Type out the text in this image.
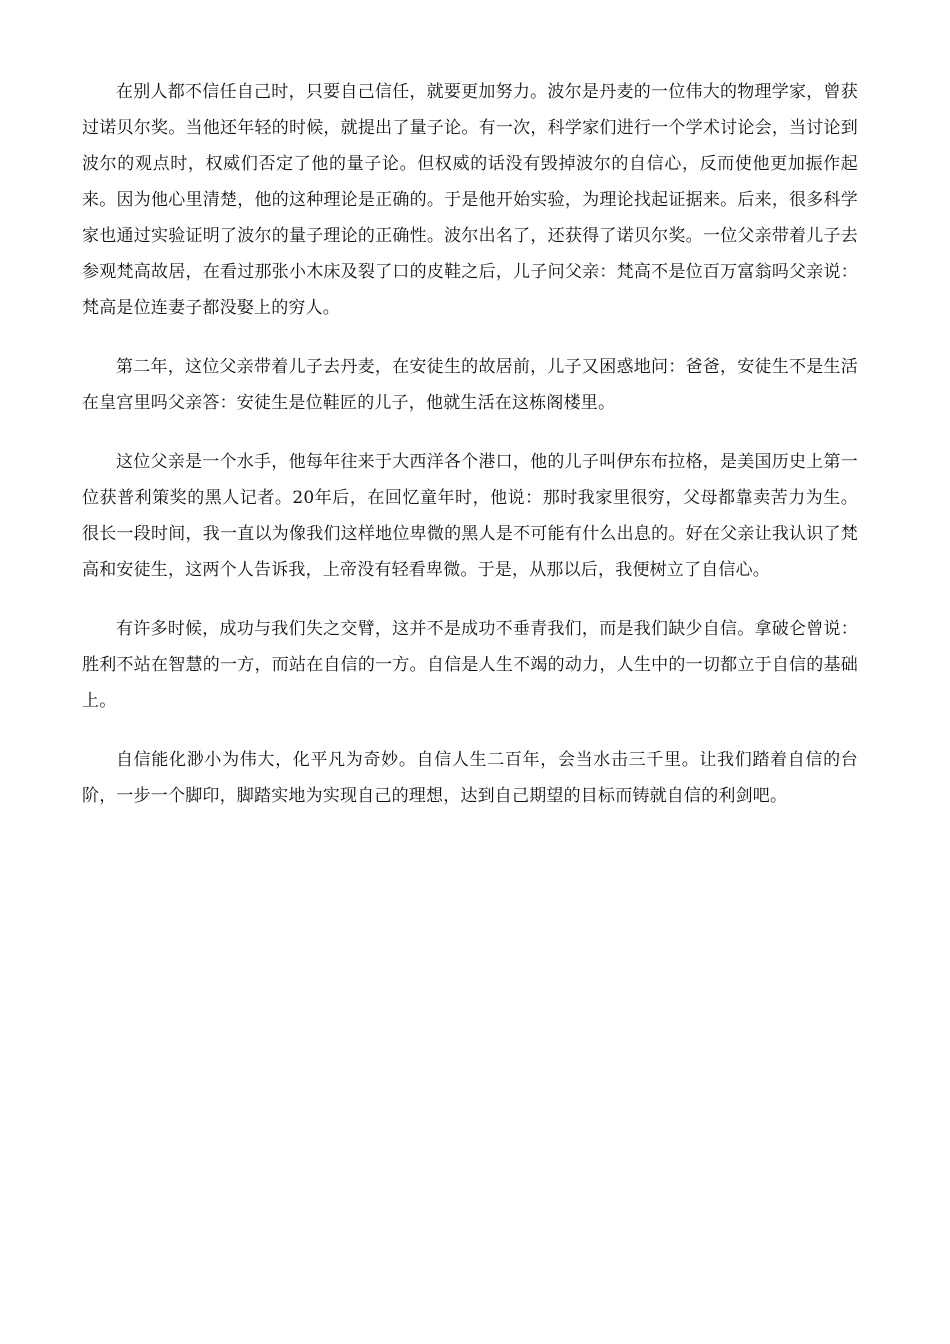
在别人都不信任自己时，只要自己信任，就要更加努力。波尔是丹麦的一位伟大的物理学家，曾获过诺贝尔奖。当他还年轻的时候，就提出了量子论。有一次，科学家们进行一个学术讨论会，当讨论到波尔的观点时，权威们否定了他的量子论。但权威的话没有毁掉波尔的自信心，反而使他更加振作起来。因为他心里清楚，他的这种理论是正确的。于是他开始实验，为理论找起证据来。后来，很多科学家也通过实验证明了波尔的量子理论的正确性。波尔出名了，还获得了诺贝尔奖。一位父亲带着儿子去参观梵高故居，在看过那张小木床及裂了口的皮鞋之后，儿子问父亲：梵高不是位百万富翁吗父亲说：梵高是位连妻子都没娶上的穷人。

第二年，这位父亲带着儿子去丹麦，在安徒生的故居前，儿子又困惑地问：爸爸，安徒生不是生活在皇宫里吗父亲答：安徒生是位鞋匠的儿子，他就生活在这栋阁楼里。

这位父亲是一个水手，他每年往来于大西洋各个港口，他的儿子叫伊东布拉格，是美国历史上第一位获普利策奖的黑人记者。20年后，在回忆童年时，他说：那时我家里很穷，父母都靠卖苦力为生。很长一段时间，我一直以为像我们这样地位卑微的黑人是不可能有什么出息的。好在父亲让我认识了梵高和安徒生，这两个人告诉我，上帝没有轻看卑微。于是，从那以后，我便树立了自信心。

有许多时候，成功与我们失之交臂，这并不是成功不垂青我们，而是我们缺少自信。拿破仑曾说：胜利不站在智慧的一方，而站在自信的一方。自信是人生不竭的动力，人生中的一切都立于自信的基础上。

自信能化渺小为伟大，化平凡为奇妙。自信人生二百年，会当水击三千里。让我们踏着自信的台阶，一步一个脚印，脚踏实地为实现自己的理想，达到自己期望的目标而铸就自信的利剑吧。
